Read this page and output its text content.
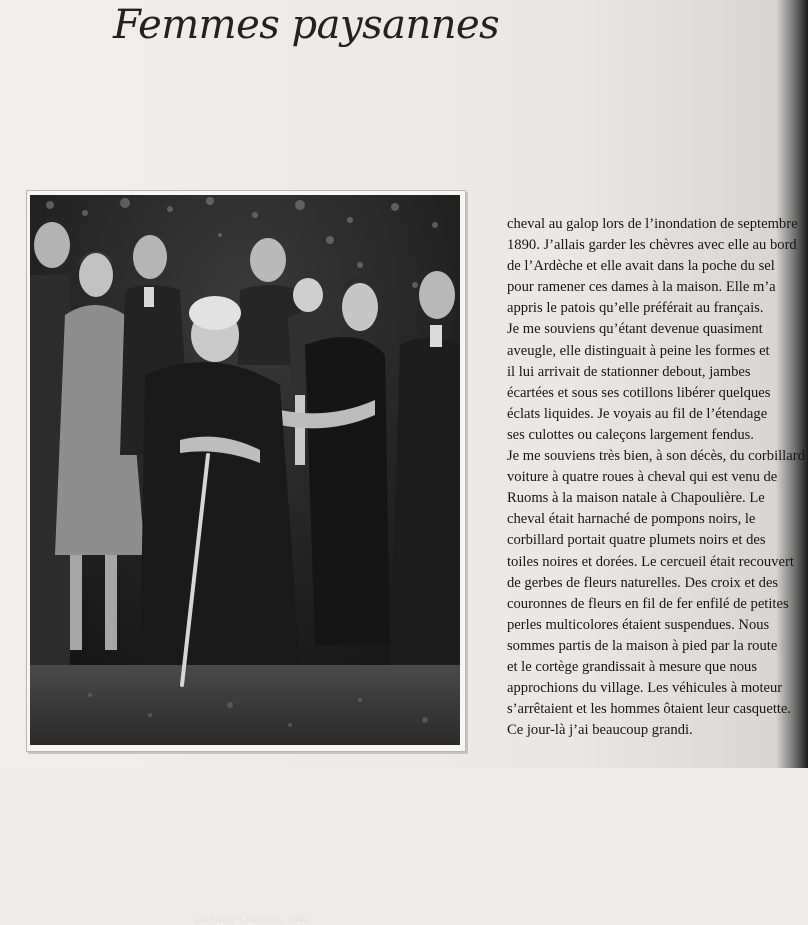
Femmes paysannes
Ludovine Chambon, 1941
cheval au galop lors de l’inondation de septembre
1890. J’allais garder les chèvres avec elle au bord
de l’Ardèche et elle avait dans la poche du sel
pour ramener ces dames à la maison. Elle m’a
appris le patois qu’elle préférait au français.
Je me souviens qu’étant devenue quasiment
aveugle, elle distinguait à peine les formes et
il lui arrivait de stationner debout, jambes
écartées et sous ses cotillons libérer quelques
éclats liquides. Je voyais au fil de l’étendage
ses culottes ou caleçons largement fendus.
Je me souviens très bien, à son décès, du corbillard
voiture à quatre roues à cheval qui est venu de
Ruoms à la maison natale à Chapoulière. Le
cheval était harnaché de pompons noirs, le
corbillard portait quatre plumets noirs et des
toiles noires et dorées. Le cercueil était recouvert
de gerbes de fleurs naturelles. Des croix et des
couronnes de fleurs en fil de fer enfilé de petites
perles multicolores étaient suspendues. Nous
sommes partis de la maison à pied par la route
et le cortège grandissait à mesure que nous
approchions du village. Les véhicules à moteur
s’arrêtaient et les hommes ôtaient leur casquette.
Ce jour-là j’ai beaucoup grandi.
